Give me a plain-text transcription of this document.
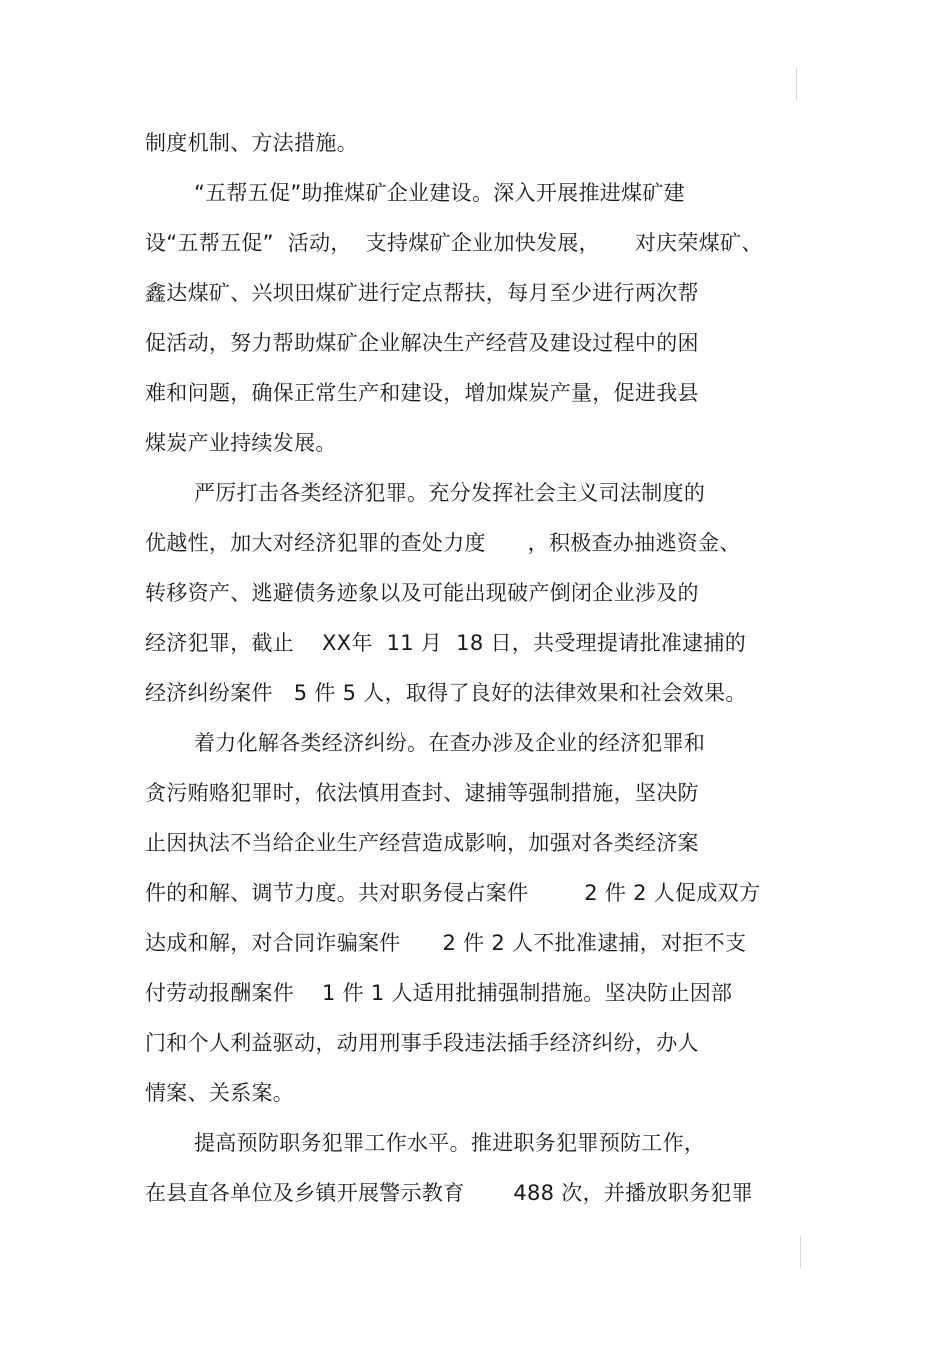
制度机制、方法措施。
“五帮五促”助推煤矿企业建设。深入开展推进煤矿建
设“五帮五促”  活动，  支持煤矿企业加快发展，     对庆荣煤矿、
鑫达煤矿、兴坝田煤矿进行定点帮扶，每月至少进行两次帮
促活动，努力帮助煤矿企业解决生产经营及建设过程中的困
难和问题，确保正常生产和建设，增加煤炭产量，促进我县
煤炭产业持续发展。
严厉打击各类经济犯罪。充分发挥社会主义司法制度的
优越性，加大对经济犯罪的查处力度      ，积极查办抽逃资金、
转移资产、逃避债务迹象以及可能出现破产倒闭企业涉及的
经济犯罪，截止    XX年  11 月  18 日，共受理提请批准逮捕的
经济纠纷案件   5 件 5 人，取得了良好的法律效果和社会效果。
着力化解各类经济纠纷。在查办涉及企业的经济犯罪和
贪污贿赂犯罪时，依法慎用查封、逮捕等强制措施，坚决防
止因执法不当给企业生产经营造成影响，加强对各类经济案
件的和解、调节力度。共对职务侵占案件        2 件 2 人促成双方
达成和解，对合同诈骗案件      2 件 2 人不批准逮捕，对拒不支
付劳动报酬案件    1 件 1 人适用批捕强制措施。坚决防止因部
门和个人利益驱动，动用刑事手段违法插手经济纠纷，办人
情案、关系案。
提高预防职务犯罪工作水平。推进职务犯罪预防工作，
在县直各单位及乡镇开展警示教育       488 次，并播放职务犯罪
